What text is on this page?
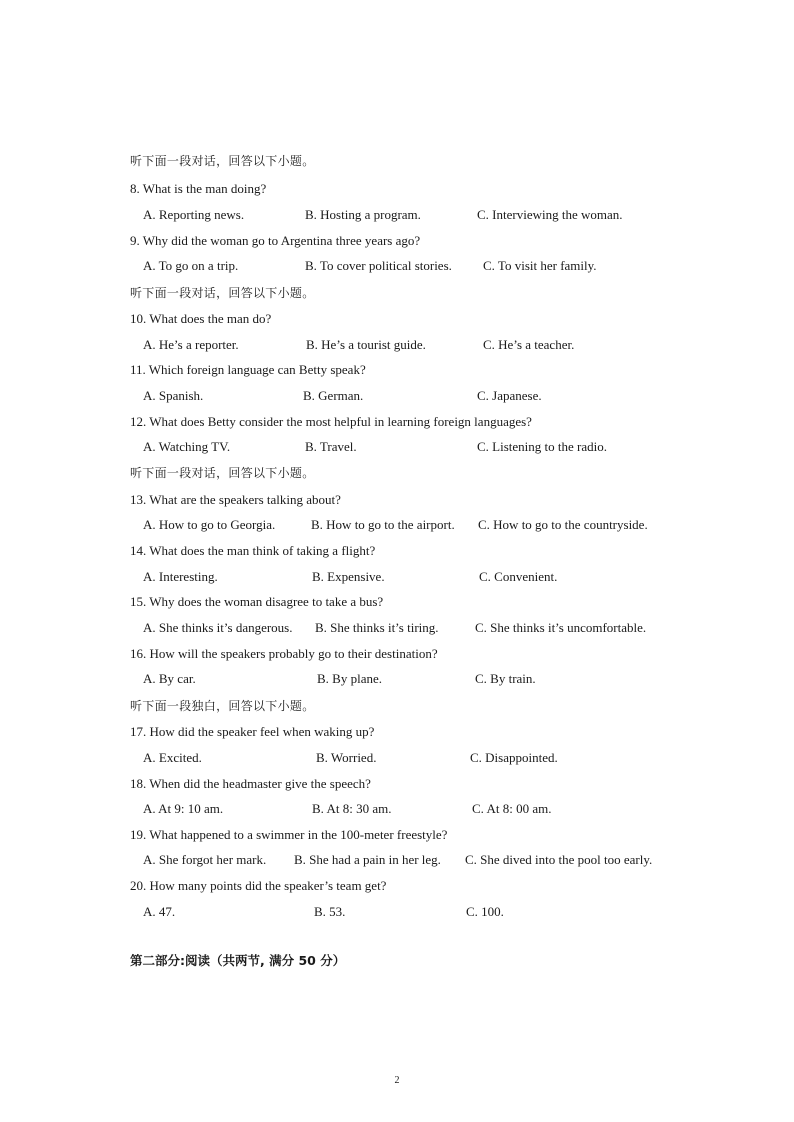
听下面一段对话，回答以下小题。
8. What is the man doing?
A. Reporting news.	B. Hosting a program.	C. Interviewing the woman.
9. Why did the woman go to Argentina three years ago?
A. To go on a trip.	B. To cover political stories. C. To visit her family.
听下面一段对话，回答以下小题。
10. What does the man do?
A. He’s a reporter.	B. He’s a tourist guide.	C. He’s a teacher.
11. Which foreign language can Betty speak?
A. Spanish.	B. German.	C. Japanese.
12. What does Betty consider the most helpful in learning foreign languages?
A. Watching TV.	B. Travel.	C. Listening to the radio.
听下面一段对话，回答以下小题。
13. What are the speakers talking about?
A. How to go to Georgia.	B. How to go to the airport. C. How to go to the countryside.
14. What does the man think of taking a flight?
A. Interesting.	B. Expensive.	C. Convenient.
15. Why does the woman disagree to take a bus?
A. She thinks it’s dangerous. B. She thinks it’s tiring.	C. She thinks it’s uncomfortable.
16. How will the speakers probably go to their destination?
A. By car.	B. By plane.	C. By train.
听下面一段独白，回答以下小题。
17. How did the speaker feel when waking up?
A. Excited.	B. Worried.	C. Disappointed.
18. When did the headmaster give the speech?
A. At 9: 10 am.	B. At 8: 30 am.	C. At 8: 00 am.
19. What happened to a swimmer in the 100-meter freestyle?
A. She forgot her mark. B. She had a pain in her leg. C. She dived into the pool too early.
20. How many points did the speaker’s team get?
A. 47.	B. 53.	C. 100.
第二部分:阅读（共两节, 满分 50 分）
2
